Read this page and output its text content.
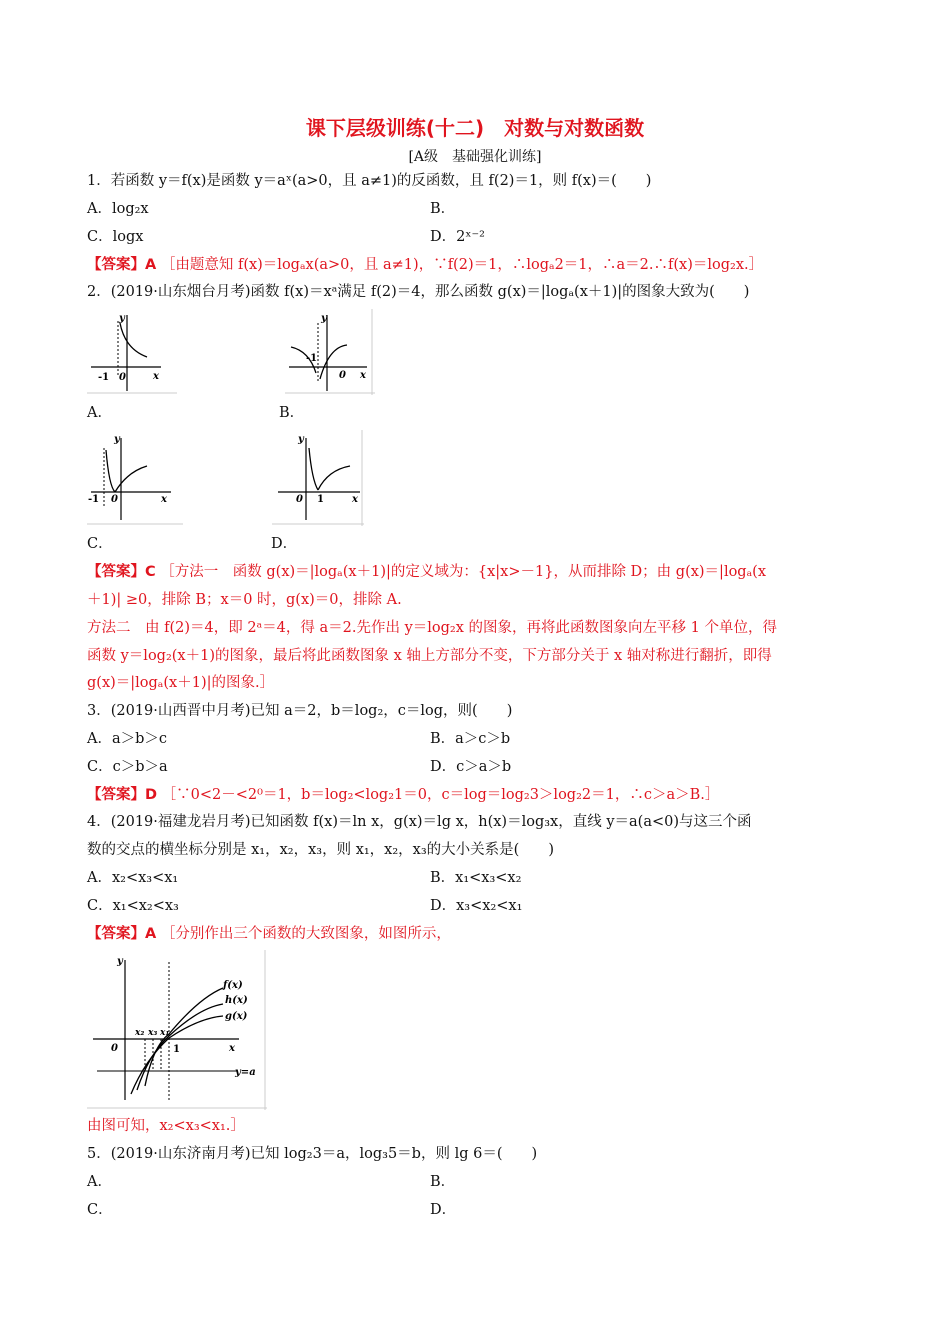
课下层级训练(十二)　对数与对数函数
[A级　基础强化训练]
1．若函数 y＝f(x)是函数 y＝aˣ(a>0，且 a≠1)的反函数，且 f(2)＝1，则 f(x)＝(　　)
A．log₂x	B．
C．logx	D．2ˣ⁻²
【答案】A ［由题意知 f(x)＝logₐx(a>0，且 a≠1)，∵f(2)＝1，∴logₐ2＝1，∴a＝2.∴f(x)＝log₂x.］
2．(2019·山东烟台月考)函数 f(x)＝xᵃ满足 f(2)＝4，那么函数 g(x)＝|logₐ(x＋1)|的图象大致为(　　)
y
-1 0	x
y
-1
0 x
A．	B．
y
-1 0	x
y
0 1	x
C．	D．
【答案】C ［方法一　函数 g(x)＝|logₐ(x＋1)|的定义域为：{x|x>－1}，从而排除 D；由 g(x)＝|logₐ(x
＋1)| ≥0，排除 B；x＝0 时，g(x)＝0，排除 A.
方法二　由 f(2)＝4，即 2ᵃ＝4，得 a＝2.先作出 y＝log₂x 的图象，再将此函数图象向左平移 1 个单位，得
函数 y＝log₂(x＋1)的图象，最后将此函数图象 x 轴上方部分不变，下方部分关于 x 轴对称进行翻折，即得
g(x)＝|logₐ(x＋1)|的图象.］
3．(2019·山西晋中月考)已知 a＝2，b＝log₂，c＝log，则(　　)
A．a＞b＞c	B．a＞c＞b
C．c＞b＞a	D．c＞a＞b
【答案】D ［∵0<2－<2⁰＝1，b＝log₂<log₂1＝0，c＝log＝log₂3＞log₂2＝1，∴c＞a＞B.］
4．(2019·福建龙岩月考)已知函数 f(x)＝ln x，g(x)＝lg x，h(x)＝log₃x，直线 y＝a(a<0)与这三个函
数的交点的横坐标分别是 x₁，x₂，x₃，则 x₁，x₂，x₃的大小关系是(　　)
A．x₂<x₃<x₁	B．x₁<x₃<x₂
C．x₁<x₂<x₃	D．x₃<x₂<x₁
【答案】A ［分别作出三个函数的大致图象，如图所示，
y
0	1	x
f(x)
h(x)
g(x)
y=a
x₂ x₃ x₁
由图可知，x₂<x₃<x₁.］
5．(2019·山东济南月考)已知 log₂3＝a，log₃5＝b，则 lg 6＝(　　)
A．	B．
C．	D．
